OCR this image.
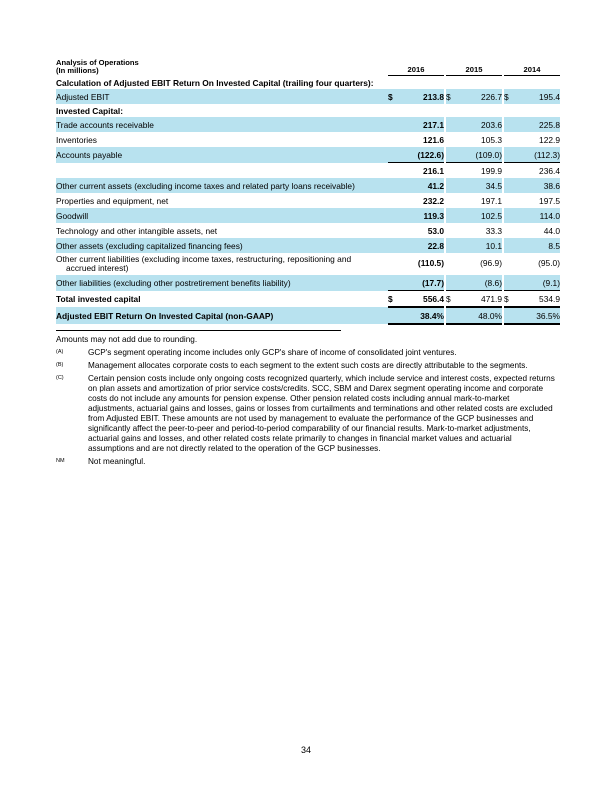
Analysis of Operations
(In millions)	2016			2015			2014	
Calculation of Adjusted EBIT Return On Invested Capital (trailing four quarters):								
Adjusted EBIT	$	213.8		$	226.7		$	195.4
Invested Capital:								
Trade accounts receivable		217.1			203.6			225.8
Inventories		121.6			105.3			122.9
Accounts payable		(122.6)			(109.0)			(112.3)
		216.1			199.9			236.4
Other current assets (excluding income taxes and related party loans receivable)		41.2			34.5			38.6
Properties and equipment, net		232.2			197.1			197.5
Goodwill		119.3			102.5			114.0
Technology and other intangible assets, net		53.0			33.3			44.0
Other assets (excluding capitalized financing fees)		22.8			10.1			8.5

Other current liabilities (excluding income taxes, restructuring, repositioning and
accrued interest)		(110.5)			(96.9)			(95.0)
Other liabilities (excluding other postretirement benefits liability)		(17.7)			(8.6)			(9.1)
Total invested capital	$	556.4		$	471.9		$	534.9
Adjusted EBIT Return On Invested Capital (non-GAAP)		38.4%			48.0%			36.5%
Amounts may not add due to rounding.
(A)	GCP's segment operating income includes only GCP's share of income of consolidated joint ventures.
(B)	Management allocates corporate costs to each segment to the extent such costs are directly attributable to the segments.
(C)	Certain pension costs include only ongoing costs recognized quarterly, which include service and interest costs, expected returns on plan assets and amortization of prior service costs/credits. SCC, SBM and Darex segment operating income and corporate costs do not include any amounts for pension expense. Other pension related costs including annual mark-to-market adjustments, actuarial gains and losses, gains or losses from curtailments and terminations and other related costs are excluded from Adjusted EBIT. These amounts are not used by management to evaluate the performance of the GCP businesses and significantly affect the peer-to-peer and period-to-period comparability of our financial results. Mark-to-market adjustments, actuarial gains and losses, and other related costs relate primarily to changes in financial market values and actuarial assumptions and are not directly related to the operation of the GCP businesses.
NM	Not meaningful.
34
